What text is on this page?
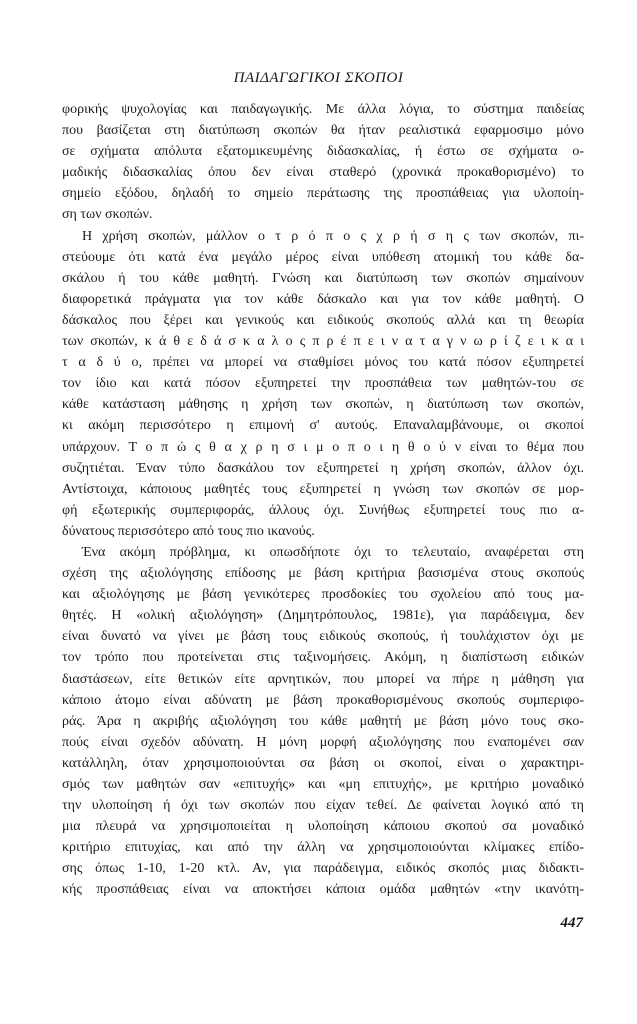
ΠΑΙΔΑΓΩΓΙΚΟΙ ΣΚΟΠΟΙ
φορικής ψυχολογίας και παιδαγωγικής. Με άλλα λόγια, το σύστημα παιδείας
που βασίζεται στη διατύπωση σκοπών θα ήταν ρεαλιστικά εφαρμοσιμο μόνο
σε σχήματα απόλυτα εξατομικευμένης διδασκαλίας, ή έστω σε σχήματα ο-
μαδικής διδασκαλίας όπου δεν είναι σταθερό (χρονικά προκαθορισμένο) το
σημείο εξόδου, δηλαδή το σημείο περάτωσης της προσπάθειας για υλοποίη-
ση των σκοπών.
Η χρήση σκοπών, μάλλον ο τ ρ ό π ο ς χ ρ ή σ η ς των σκοπών, πι-
στεύουμε ότι κατά ένα μεγάλο μέρος είναι υπόθεση ατομική του κάθε δα-
σκάλου ή του κάθε μαθητή. Γνώση και διατύπωση των σκοπών σημαίνουν
διαφορετικά πράγματα για τον κάθε δάσκαλο και για τον κάθε μαθητή. Ο
δάσκαλος που ξέρει και γενικούς και ειδικούς σκοπούς αλλά και τη θεωρία
των σκοπών, κ ά θ ε δ ά σ κ α λ ο ς π ρ έ π ε ι ν α τ α γ ν ω ρ ί ζ ε ι κ α ι
τ α δ ύ ο, πρέπει να μπορεί να σταθμίσει μόνος του κατά πόσον εξυπηρετεί
τον ίδιο και κατά πόσον εξυπηρετεί την προσπάθεια των μαθητών-του σε
κάθε κατάσταση μάθησης η χρήση των σκοπών, η διατύπωση των σκοπών,
κι ακόμη περισσότερο η επιμονή σ' αυτούς. Επαναλαμβάνουμε, οι σκοποί
υπάρχουν. Τ ο π ώ ς θ α χ ρ η σ ι μ ο π ο ι η θ ο ύ ν είναι το θέμα που
συζητιέται. Έναν τύπο δασκάλου τον εξυπηρετεί η χρήση σκοπών, άλλον όχι.
Αντίστοιχα, κάποιους μαθητές τους εξυπηρετεί η γνώση των σκοπών σε μορ-
φή εξωτερικής συμπεριφοράς, άλλους όχι. Συνήθως εξυπηρετεί τους πιο α-
δύνατους περισσότερο από τους πιο ικανούς.
Ένα ακόμη πρόβλημα, κι οπωσδήποτε όχι το τελευταίο, αναφέρεται στη
σχέση της αξιολόγησης επίδοσης με βάση κριτήρια βασισμένα στους σκοπούς
και αξιολόγησης με βάση γενικότερες προσδοκίες του σχολείου από τους μα-
θητές. Η «ολική αξιολόγηση» (Δημητρόπουλος, 1981ε), για παράδειγμα, δεν
είναι δυνατό να γίνει με βάση τους ειδικούς σκοπούς, ή τουλάχιστον όχι με
τον τρόπο που προτείνεται στις ταξινομήσεις. Ακόμη, η διαπίστωση ειδικών
διαστάσεων, είτε θετικών είτε αρνητικών, που μπορεί να πήρε η μάθηση για
κάποιο άτομο είναι αδύνατη με βάση προκαθορισμένους σκοπούς συμπεριφο-
ράς. Άρα η ακριβής αξιολόγηση του κάθε μαθητή με βάση μόνο τους σκο-
πούς είναι σχεδόν αδύνατη. Η μόνη μορφή αξιολόγησης που εναπομένει σαν
κατάλληλη, όταν χρησιμοποιούνται σα βάση οι σκοποί, είναι ο χαρακτηρι-
σμός των μαθητών σαν «επιτυχής» και «μη επιτυχής», με κριτήριο μοναδικό
την υλοποίηση ή όχι των σκοπών που είχαν τεθεί. Δε φαίνεται λογικό από τη
μια πλευρά να χρησιμοποιείται η υλοποίηση κάποιου σκοπού σα μοναδικό
κριτήριο επιτυχίας, και από την άλλη να χρησιμοποιούνται κλίμακες επίδο-
σης όπως 1-10, 1-20 κτλ. Αν, για παράδειγμα, ειδικός σκοπός μιας διδακτι-
κής προσπάθειας είναι να αποκτήσει κάποια ομάδα μαθητών «την ικανότη-
447
